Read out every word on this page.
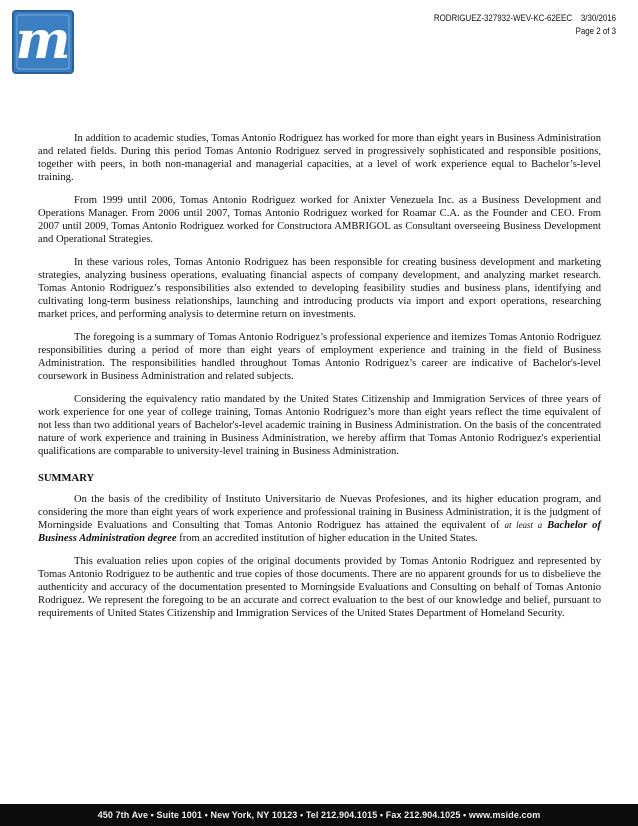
m	RODRIGUEZ-327932-WEV-KC-62EEC 3/30/2016
Page 2 of 3

In addition to academic studies, Tomas Antonio Rodriguez has worked for more than eight years in Business Administration and related fields. During this period Tomas Antonio Rodriguez served in progressively sophisticated and responsible positions, together with peers, in both non-managerial and managerial capacities, at a level of work experience equal to Bachelor’s-level training.

From 1999 until 2006, Tomas Antonio Rodriguez worked for Anixter Venezuela Inc. as a Business Development and Operations Manager. From 2006 until 2007, Tomas Antonio Rodriguez worked for Roamar C.A. as the Founder and CEO. From 2007 until 2009, Tomas Antonio Rodriguez worked for Constructora AMBRIGOL as Consultant overseeing Business Development and Operational Strategies.

In these various roles, Tomas Antonio Rodriguez has been responsible for creating business development and marketing strategies, analyzing business operations, evaluating financial aspects of company development, and analyzing market research. Tomas Antonio Rodriguez’s responsibilities also extended to developing feasibility studies and business plans, identifying and cultivating long-term business relationships, launching and introducing products via import and export operations, researching market prices, and performing analysis to determine return on investments.

The foregoing is a summary of Tomas Antonio Rodriguez’s professional experience and itemizes Tomas Antonio Rodriguez responsibilities during a period of more than eight years of employment experience and training in the field of Business Administration. The responsibilities handled throughout Tomas Antonio Rodriguez’s career are indicative of Bachelor's-level coursework in Business Administration and related subjects.

Considering the equivalency ratio mandated by the United States Citizenship and Immigration Services of three years of work experience for one year of college training, Tomas Antonio Rodriguez’s more than eight years reflect the time equivalent of not less than two additional years of Bachelor's-level academic training in Business Administration. On the basis of the concentrated nature of work experience and training in Business Administration, we hereby affirm that Tomas Antonio Rodriguez's experiential qualifications are comparable to university-level training in Business Administration.

SUMMARY

On the basis of the credibility of Instituto Universitario de Nuevas Profesiones, and its higher education program, and considering the more than eight years of work experience and professional training in Business Administration, it is the judgment of Morningside Evaluations and Consulting that Tomas Antonio Rodriguez has attained the equivalent of at least a Bachelor of Business Administration degree from an accredited institution of higher education in the United States.

This evaluation relies upon copies of the original documents provided by Tomas Antonio Rodriguez and represented by Tomas Antonio Rodriguez to be authentic and true copies of those documents. There are no apparent grounds for us to disbelieve the authenticity and accuracy of the documentation presented to Morningside Evaluations and Consulting on behalf of Tomas Antonio Rodriguez. We represent the foregoing to be an accurate and correct evaluation to the best of our knowledge and belief, pursuant to requirements of United States Citizenship and Immigration Services of the United States Department of Homeland Security.

450 7th Ave • Suite 1001 • New York, NY 10123 • Tel 212.904.1015 • Fax 212.904.1025 • www.mside.com
